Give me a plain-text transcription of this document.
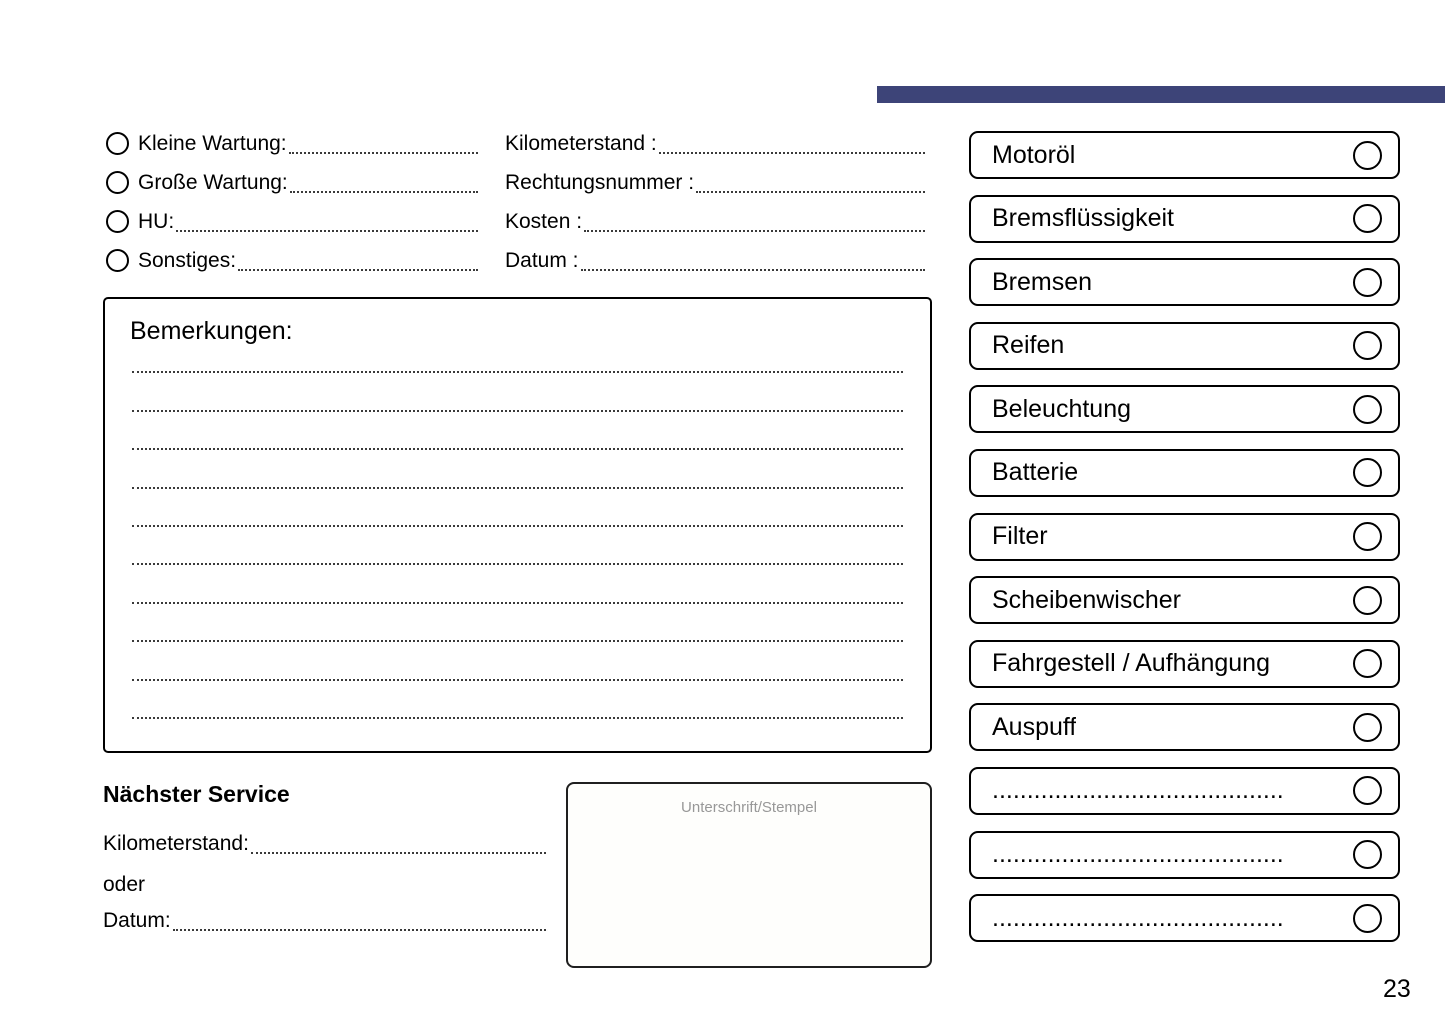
Kleine Wartung:
Große Wartung:
HU:
Sonstiges:
Kilometerstand :
Rechtungsnummer :
Kosten :
Datum :
Bemerkungen:
Nächster Service
Kilometerstand:
oder
Datum:
Unterschrift/Stempel
Motoröl
Bremsflüssigkeit
Bremsen
Reifen
Beleuchtung
Batterie
Filter
Scheibenwischer
Fahrgestell / Aufhängung
Auspuff
..........................................
..........................................
..........................................
23
